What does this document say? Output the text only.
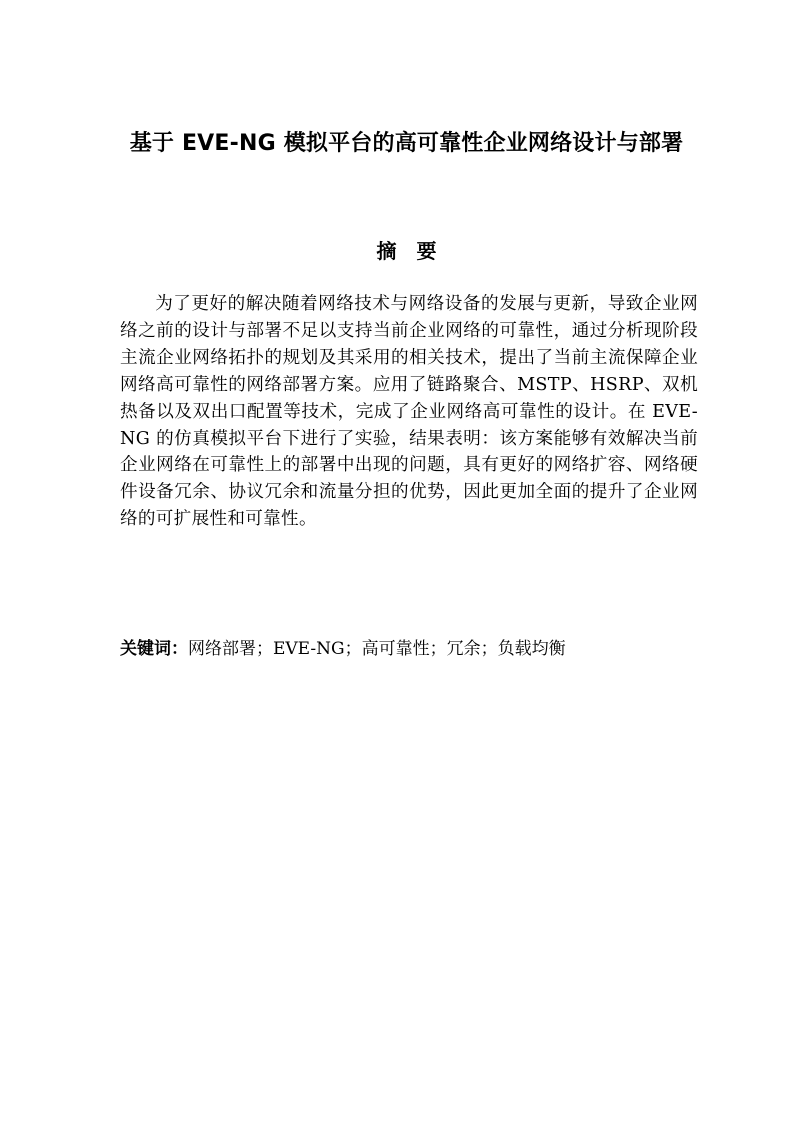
基于 EVE-NG 模拟平台的高可靠性企业网络设计与部署
摘　要

为了更好的解决随着网络技术与网络设备的发展与更新，导致企业网络之前的设计与部署不足以支持当前企业网络的可靠性，通过分析现阶段主流企业网络拓扑的规划及其采用的相关技术，提出了当前主流保障企业网络高可靠性的网络部署方案。应用了链路聚合、MSTP、HSRP、双机热备以及双出口配置等技术，完成了企业网络高可靠性的设计。在 EVE-NG 的仿真模拟平台下进行了实验，结果表明：该方案能够有效解决当前企业网络在可靠性上的部署中出现的问题，具有更好的网络扩容、网络硬件设备冗余、协议冗余和流量分担的优势，因此更加全面的提升了企业网络的可扩展性和可靠性。

关键词：网络部署；EVE-NG；高可靠性；冗余；负载均衡
